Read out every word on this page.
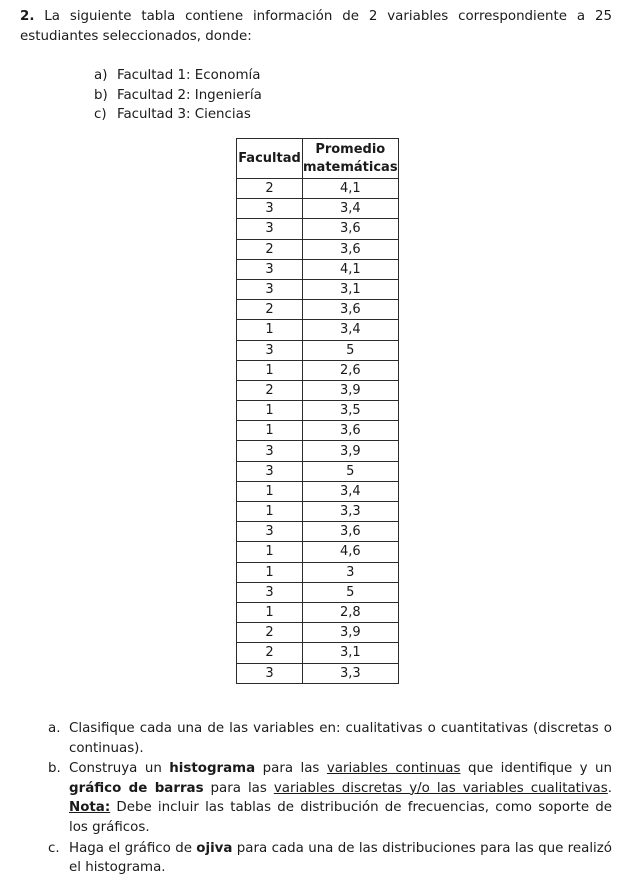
2. La siguiente tabla contiene información de 2 variables correspondiente a 25 estudiantes seleccionados, donde:
a) Facultad 1: Economía
b) Facultad 2: Ingeniería
c) Facultad 3: Ciencias
Facultad	Promedio matemáticas
2	4,1
3	3,4
3	3,6
2	3,6
3	4,1
3	3,1
2	3,6
1	3,4
3	5
1	2,6
2	3,9
1	3,5
1	3,6
3	3,9
3	5
1	3,4
1	3,3
3	3,6
1	4,6
1	3
3	5
1	2,8
2	3,9
2	3,1
3	3,3
a. Clasifique cada una de las variables en: cualitativas o cuantitativas (discretas o continuas).
b. Construya un histograma para las variables continuas que identifique y un gráfico de barras para las variables discretas y/o las variables cualitativas. Nota: Debe incluir las tablas de distribución de frecuencias, como soporte de los gráficos.
c. Haga el gráfico de ojiva para cada una de las distribuciones para las que realizó el histograma.
